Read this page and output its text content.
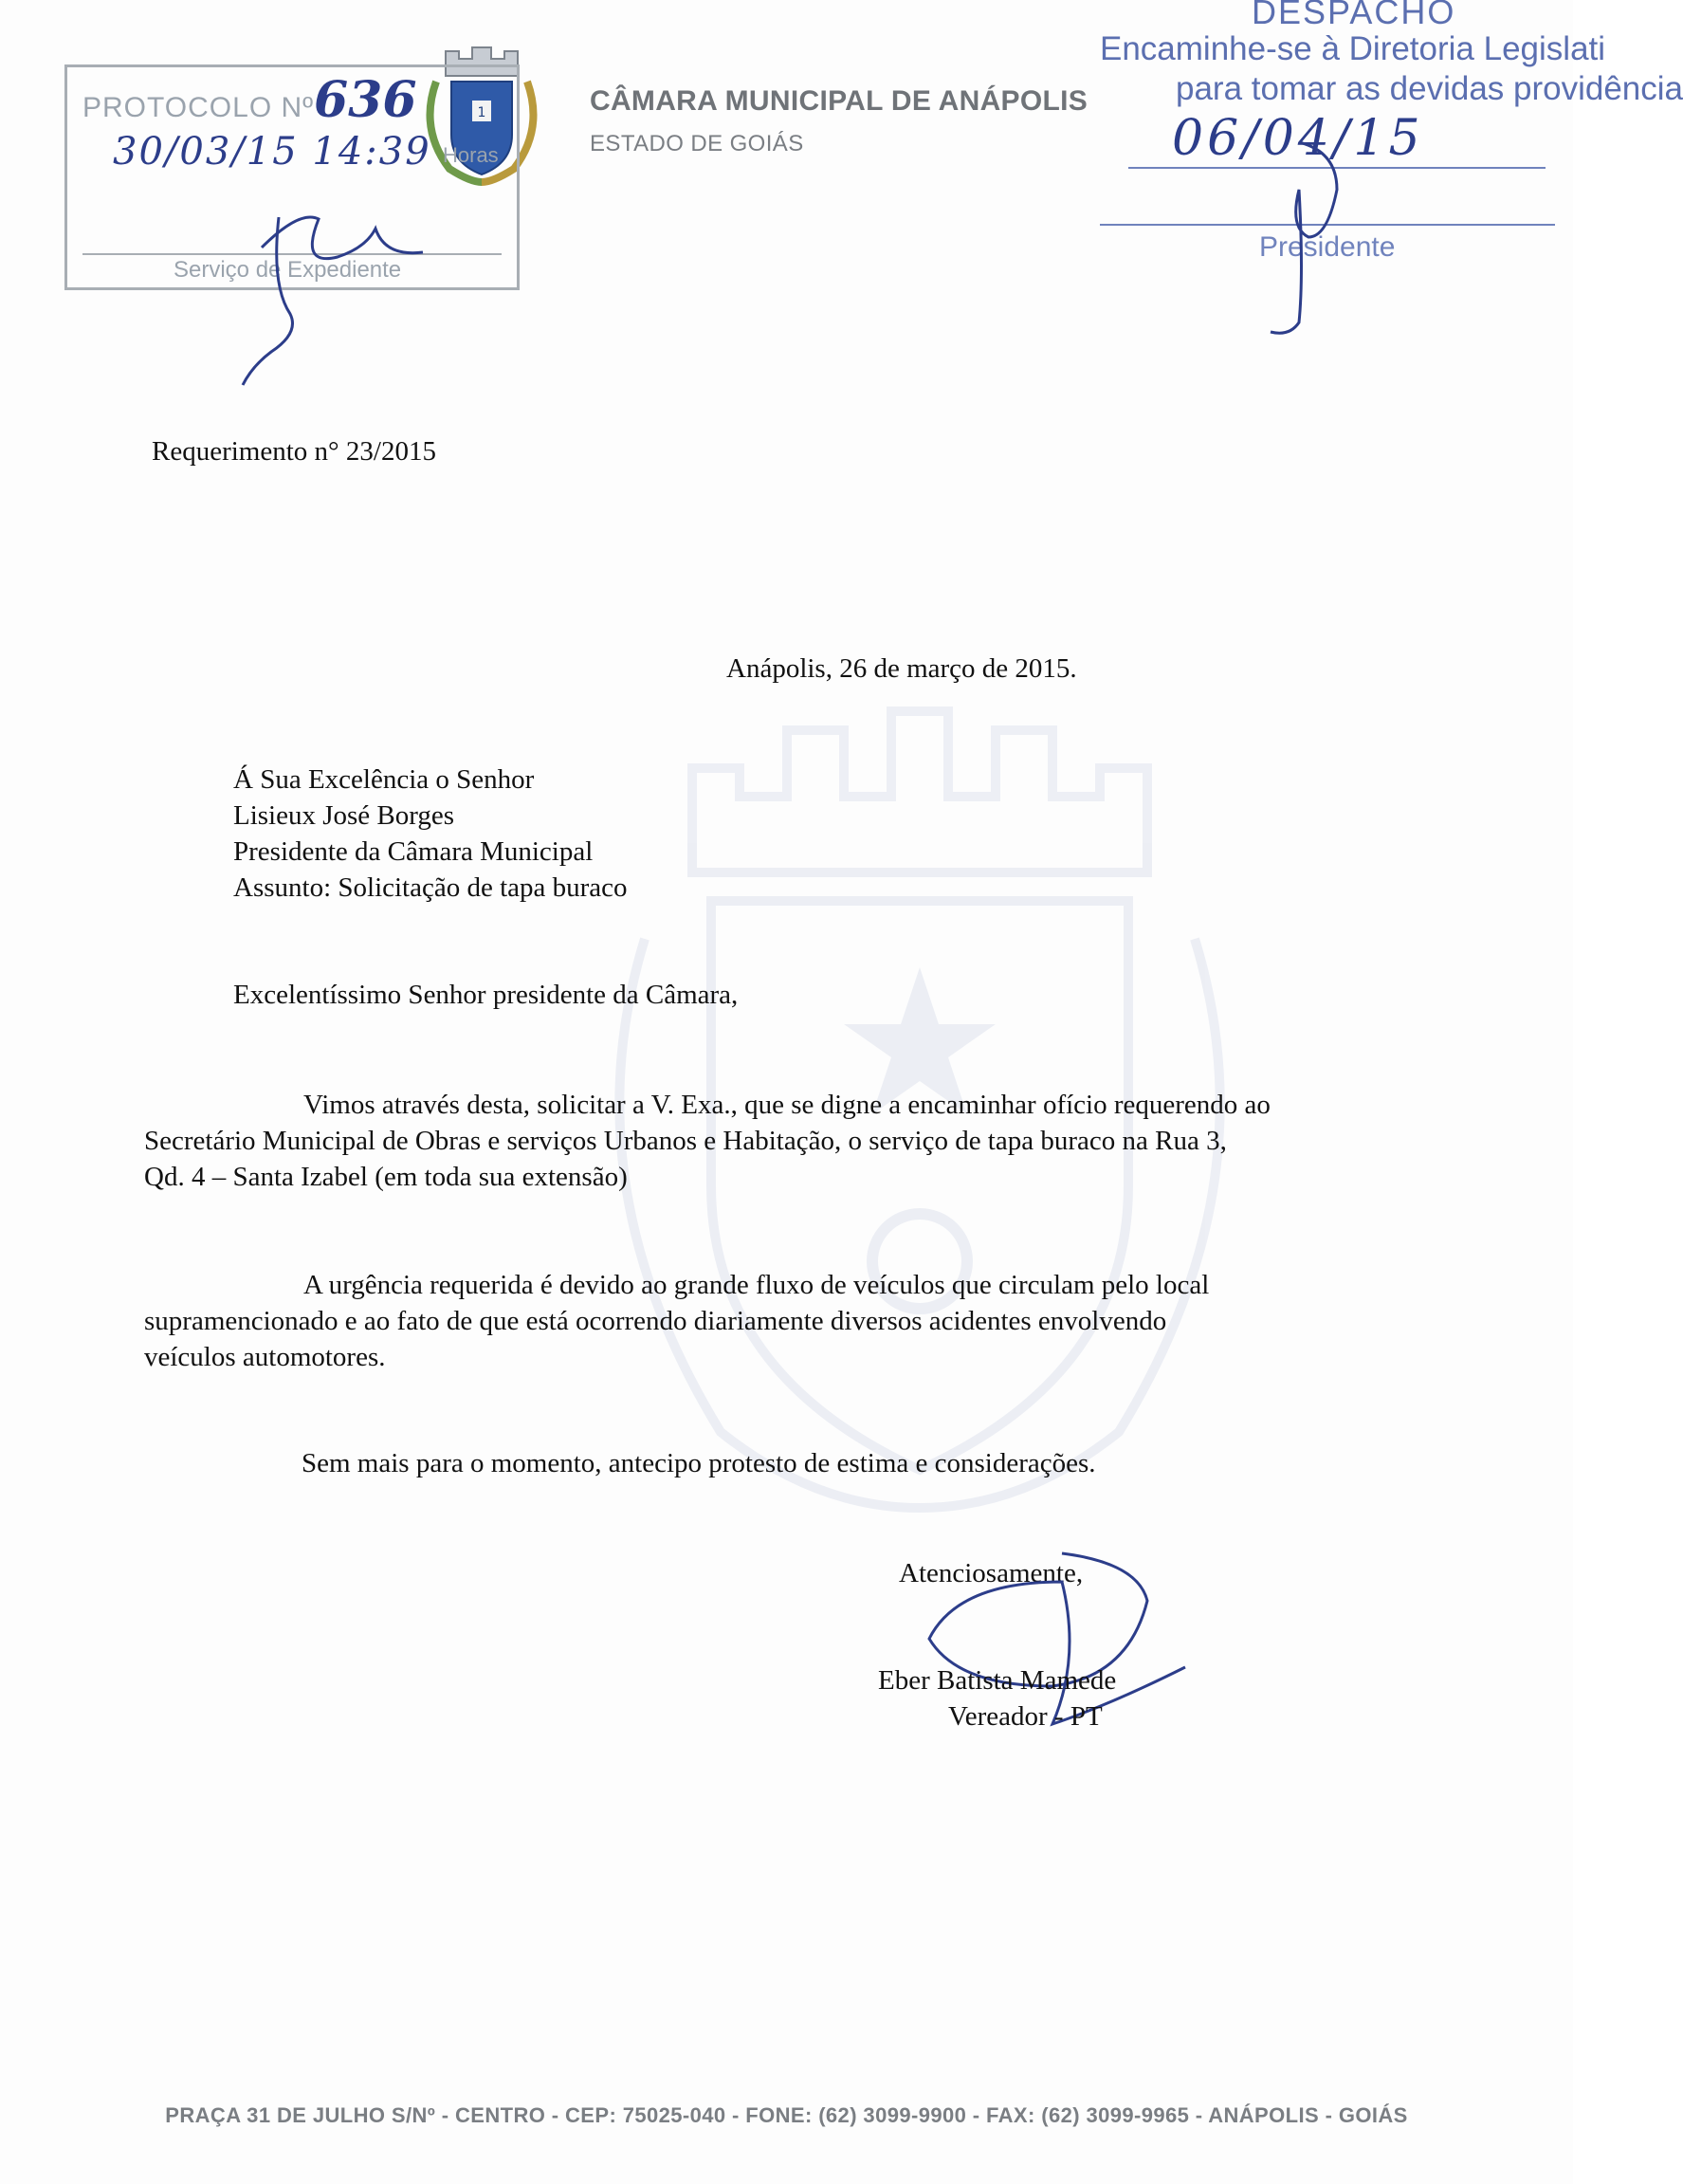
1	CÂMARA MUNICIPAL DE ANÁPOLIS
ESTADO DE GOIÁS
PROTOCOLO Nº 636
30/03/15 14:39 Horas
Serviço de Expediente
DESPACHO
Encaminhe-se à Diretoria Legislati
para tomar as devidas providência
06/04/15
Presidente
Requerimento n° 23/2015
Anápolis, 26 de março de 2015.
Á Sua Excelência o Senhor
Lisieux José Borges
Presidente da Câmara Municipal
Assunto: Solicitação de tapa buraco
Excelentíssimo Senhor presidente da Câmara,
Vimos através desta, solicitar a V. Exa., que se digne a encaminhar ofício requerendo ao
Secretário Municipal de Obras e serviços Urbanos e Habitação, o serviço de tapa buraco na Rua 3,
Qd. 4 – Santa Izabel (em toda sua extensão)
A urgência requerida é devido ao grande fluxo de veículos que circulam pelo local
supramencionado e ao fato de que está ocorrendo diariamente diversos acidentes envolvendo
veículos automotores.
Sem mais para o momento, antecipo protesto de estima e considerações.
Atenciosamente,
Eber Batista Mamede
Vereador - PT
PRAÇA 31 DE JULHO S/Nº - CENTRO - CEP: 75025-040 - FONE: (62) 3099-9900 - FAX: (62) 3099-9965 - ANÁPOLIS - GOIÁS
